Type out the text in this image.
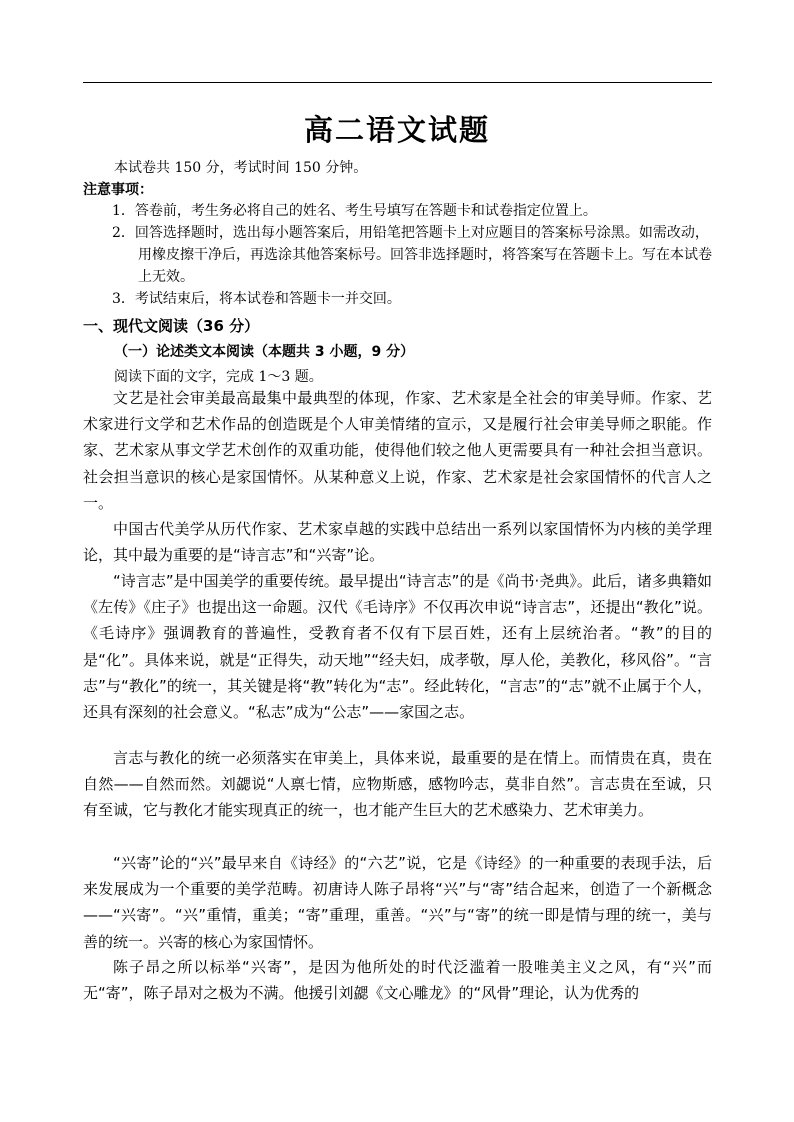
高二语文试题
本试卷共 150 分，考试时间 150 分钟。
注意事项：
1．答卷前，考生务必将自己的姓名、考生号填写在答题卡和试卷指定位置上。
2．回答选择题时，选出每小题答案后，用铅笔把答题卡上对应题目的答案标号涂黑。如需改动，用橡皮擦干净后，再选涂其他答案标号。回答非选择题时，将答案写在答题卡上。写在本试卷上无效。
3．考试结束后，将本试卷和答题卡一并交回。
一、现代文阅读（36 分）
（一）论述类文本阅读（本题共 3 小题，9 分）
阅读下面的文字，完成 1～3 题。

文艺是社会审美最高最集中最典型的体现，作家、艺术家是全社会的审美导师。作家、艺术家进行文学和艺术作品的创造既是个人审美情绪的宣示，又是履行社会审美导师之职能。作家、艺术家从事文学艺术创作的双重功能，使得他们较之他人更需要具有一种社会担当意识。社会担当意识的核心是家国情怀。从某种意义上说，作家、艺术家是社会家国情怀的代言人之一。

中国古代美学从历代作家、艺术家卓越的实践中总结出一系列以家国情怀为内核的美学理论，其中最为重要的是“诗言志”和“兴寄”论。

“诗言志”是中国美学的重要传统。最早提出“诗言志”的是《尚书·尧典》。此后，诸多典籍如《左传》《庄子》也提出这一命题。汉代《毛诗序》不仅再次申说“诗言志”，还提出“教化”说。《毛诗序》强调教育的普遍性，受教育者不仅有下层百姓，还有上层统治者。“教”的目的是“化”。具体来说，就是“正得失，动天地”“经夫妇，成孝敬，厚人伦，美教化，移风俗”。“言志”与“教化”的统一，其关键是将“教”转化为“志”。经此转化，“言志”的“志”就不止属于个人，还具有深刻的社会意义。“私志”成为“公志”——家国之志。

言志与教化的统一必须落实在审美上，具体来说，最重要的是在情上。而情贵在真，贵在自然——自然而然。刘勰说“人禀七情，应物斯感，感物吟志，莫非自然”。言志贵在至诚，只有至诚，它与教化才能实现真正的统一，也才能产生巨大的艺术感染力、艺术审美力。

“兴寄”论的“兴”最早来自《诗经》的“六艺”说，它是《诗经》的一种重要的表现手法，后来发展成为一个重要的美学范畴。初唐诗人陈子昂将“兴”与“寄”结合起来，创造了一个新概念——“兴寄”。“兴”重情，重美；“寄”重理，重善。“兴”与“寄”的统一即是情与理的统一，美与善的统一。兴寄的核心为家国情怀。

陈子昂之所以标举“兴寄”，是因为他所处的时代泛滥着一股唯美主义之风，有“兴”而无“寄”，陈子昂对之极为不满。他援引刘勰《文心雕龙》的“风骨”理论，认为优秀的
